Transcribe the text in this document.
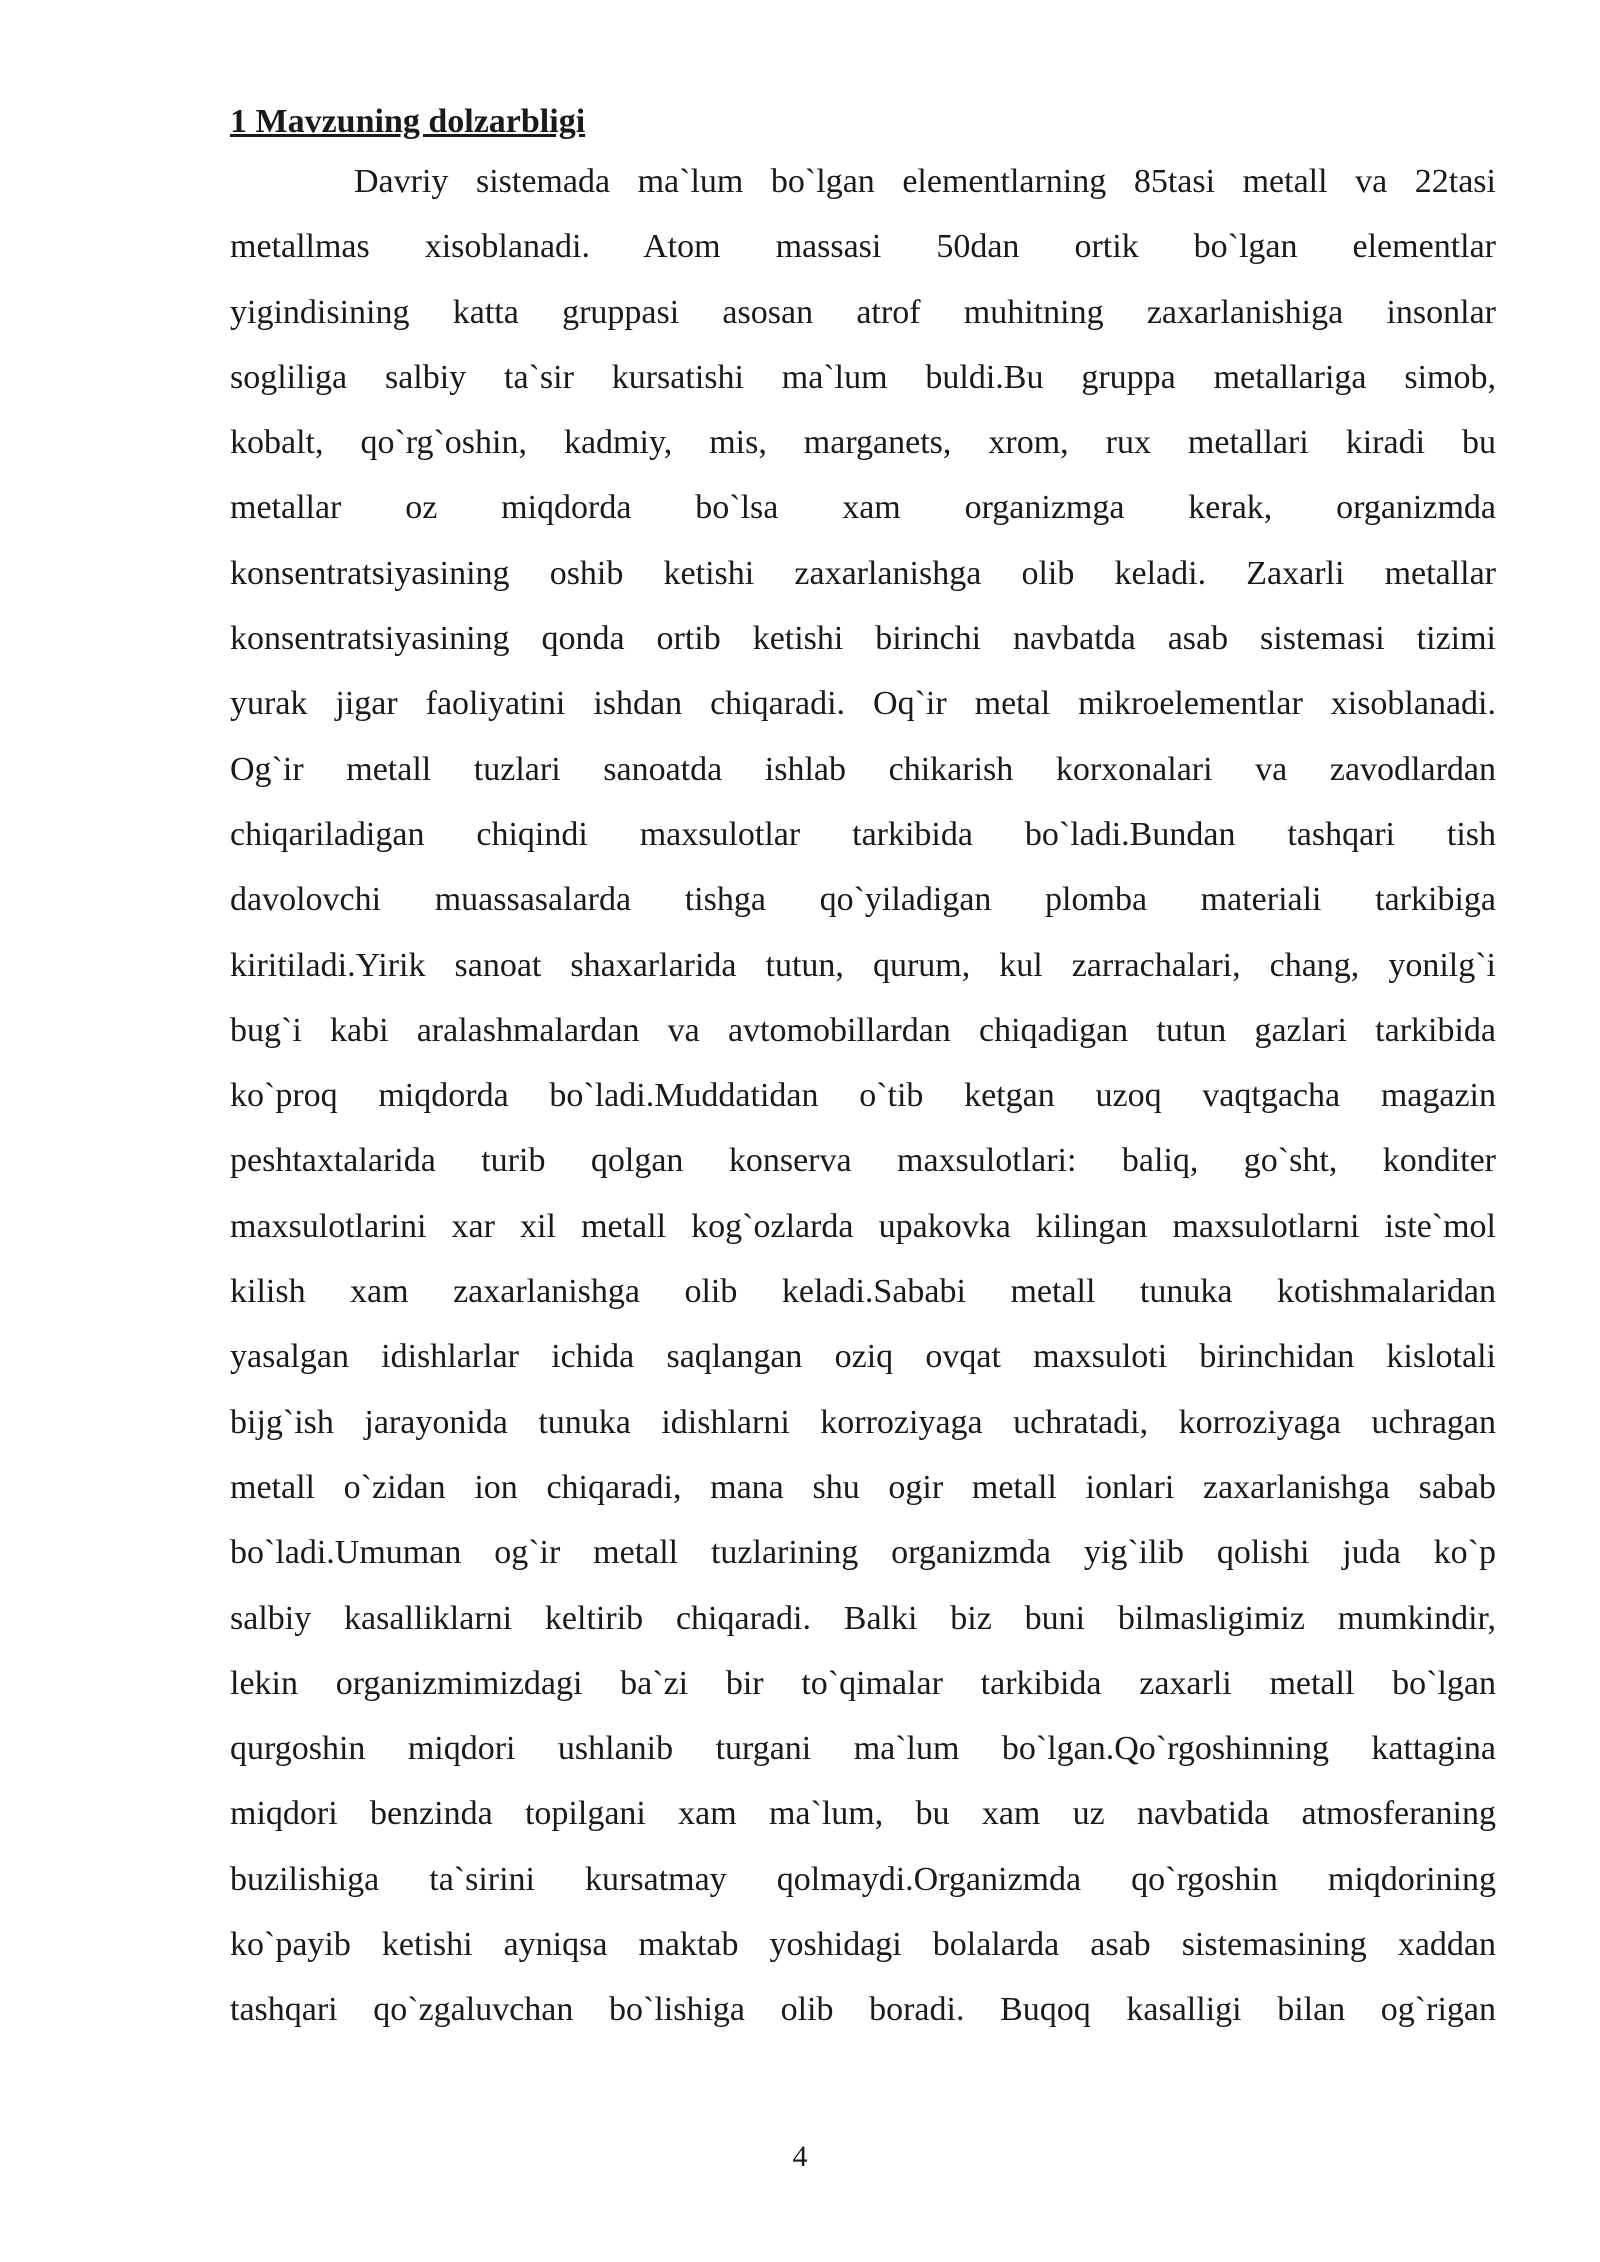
1 Mavzuning dolzarbligi
Davriy sistemada ma`lum bo`lgan elementlarning 85tasi metall va 22tasi
metallmas xisoblanadi. Atom massasi 50dan ortik bo`lgan elementlar
yigindisining katta gruppasi asosan atrof muhitning zaxarlanishiga insonlar
sogliliga salbiy ta`sir kursatishi ma`lum buldi.Bu gruppa metallariga simob,
kobalt, qo`rg`oshin, kadmiy, mis, marganets, xrom, rux metallari kiradi bu
metallar oz miqdorda bo`lsa xam organizmga kerak, organizmda
konsentratsiyasining oshib ketishi zaxarlanishga olib keladi. Zaxarli metallar
konsentratsiyasining qonda ortib ketishi birinchi navbatda asab sistemasi tizimi
yurak jigar faoliyatini ishdan chiqaradi. Oq`ir metal mikroelementlar xisoblanadi.
Og`ir metall tuzlari sanoatda ishlab chikarish korxonalari va zavodlardan
chiqariladigan chiqindi maxsulotlar tarkibida bo`ladi.Bundan tashqari tish
davolovchi muassasalarda tishga qo`yiladigan plomba materiali tarkibiga
kiritiladi.Yirik sanoat shaxarlarida tutun, qurum, kul zarrachalari, chang, yonilg`i
bug`i kabi aralashmalardan va avtomobillardan chiqadigan tutun gazlari tarkibida
ko`proq miqdorda bo`ladi.Muddatidan o`tib ketgan uzoq vaqtgacha magazin
peshtaxtalarida turib qolgan konserva maxsulotlari: baliq, go`sht, konditer
maxsulotlarini xar xil metall kog`ozlarda upakovka kilingan maxsulotlarni iste`mol
kilish xam zaxarlanishga olib keladi.Sababi metall tunuka kotishmalaridan
yasalgan idishlarlar ichida saqlangan oziq ovqat maxsuloti birinchidan kislotali
bijg`ish jarayonida tunuka idishlarni korroziyaga uchratadi, korroziyaga uchragan
metall o`zidan ion chiqaradi, mana shu ogir metall ionlari zaxarlanishga sabab
bo`ladi.Umuman og`ir metall tuzlarining organizmda yig`ilib qolishi juda ko`p
salbiy kasalliklarni keltirib chiqaradi. Balki biz buni bilmasligimiz mumkindir,
lekin organizmimizdagi ba`zi bir to`qimalar tarkibida zaxarli metall bo`lgan
qurgoshin miqdori ushlanib turgani ma`lum bo`lgan.Qo`rgoshinning kattagina
miqdori benzinda topilgani xam ma`lum, bu xam uz navbatida atmosferaning
buzilishiga ta`sirini kursatmay qolmaydi.Organizmda qo`rgoshin miqdorining
ko`payib ketishi ayniqsa maktab yoshidagi bolalarda asab sistemasining xaddan
tashqari qo`zgaluvchan bo`lishiga olib boradi. Buqoq kasalligi bilan og`rigan
4
